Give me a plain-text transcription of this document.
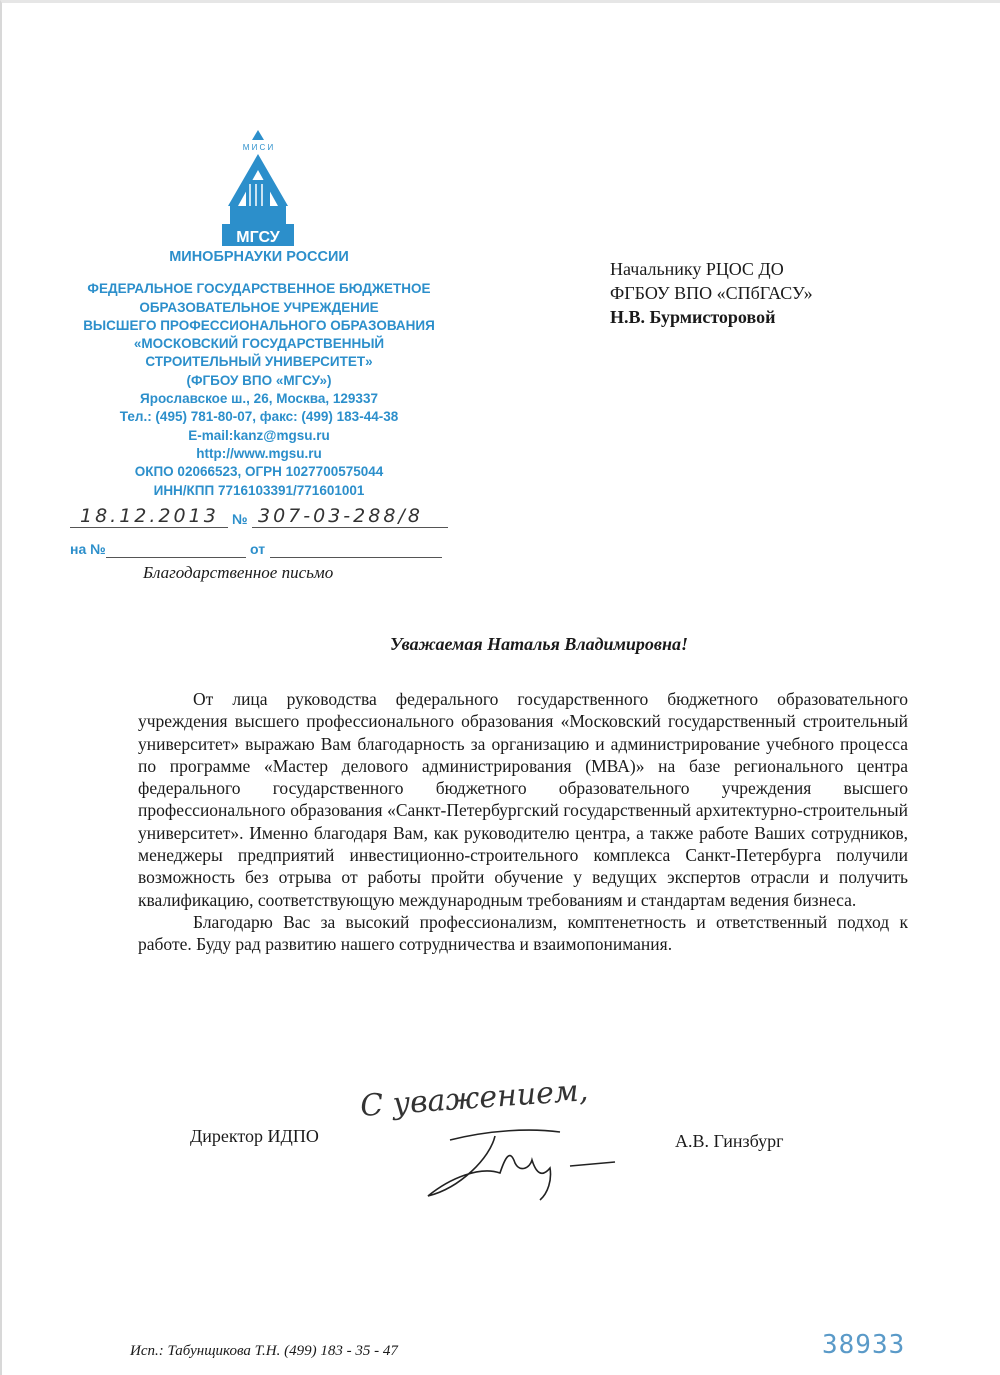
М И С И
МГСУ
МИНОБРНАУКИ РОССИИ
ФЕДЕРАЛЬНОЕ ГОСУДАРСТВЕННОЕ БЮДЖЕТНОЕ
ОБРАЗОВАТЕЛЬНОЕ УЧРЕЖДЕНИЕ
ВЫСШЕГО ПРОФЕССИОНАЛЬНОГО ОБРАЗОВАНИЯ
«МОСКОВСКИЙ ГОСУДАРСТВЕННЫЙ
СТРОИТЕЛЬНЫЙ УНИВЕРСИТЕТ»
(ФГБОУ ВПО «МГСУ»)
Ярославское ш., 26, Москва, 129337
Тел.: (495) 781-80-07, факс: (499) 183-44-38
E-mail:kanz@mgsu.ru
http://www.mgsu.ru
ОКПО 02066523, ОГРН 1027700575044
ИНН/КПП 7716103391/771601001
18.12.2013 № 307-03-288/8
на №	от
Благодарственное письмо
Начальнику РЦОС ДО
ФГБОУ ВПО «СПбГАСУ»
Н.В. Бурмисторовой
Уважаемая Наталья Владимировна!

От лица руководства федерального государственного бюджетного образовательного учреждения высшего профессионального образования «Московский государственный строительный университет» выражаю Вам благодарность за организацию и администрирование учебного процесса по программе «Мастер делового администрирования (МВА)» на базе регионального центра федерального государственного бюджетного образовательного учреждения высшего профессионального образования «Санкт-Петербургский государственный архитектурно-строительный университет». Именно благодаря Вам, как руководителю центра, а также работе Ваших сотрудников, менеджеры предприятий инвестиционно-строительного комплекса Санкт-Петербурга получили возможность без отрыва от работы пройти обучение у ведущих экспертов отрасли и получить квалификацию, соответствующую международным требованиям и стандартам ведения бизнеса.

Благодарю Вас за высокий профессионализм, комптенетность и ответственный подход к работе. Буду рад развитию нашего сотрудничества и взаимопонимания.

С уважением,
Директор ИДПО	А.В. Гинзбург
Исп.: Табунщикова Т.Н. (499) 183 - 35 - 47	38933
